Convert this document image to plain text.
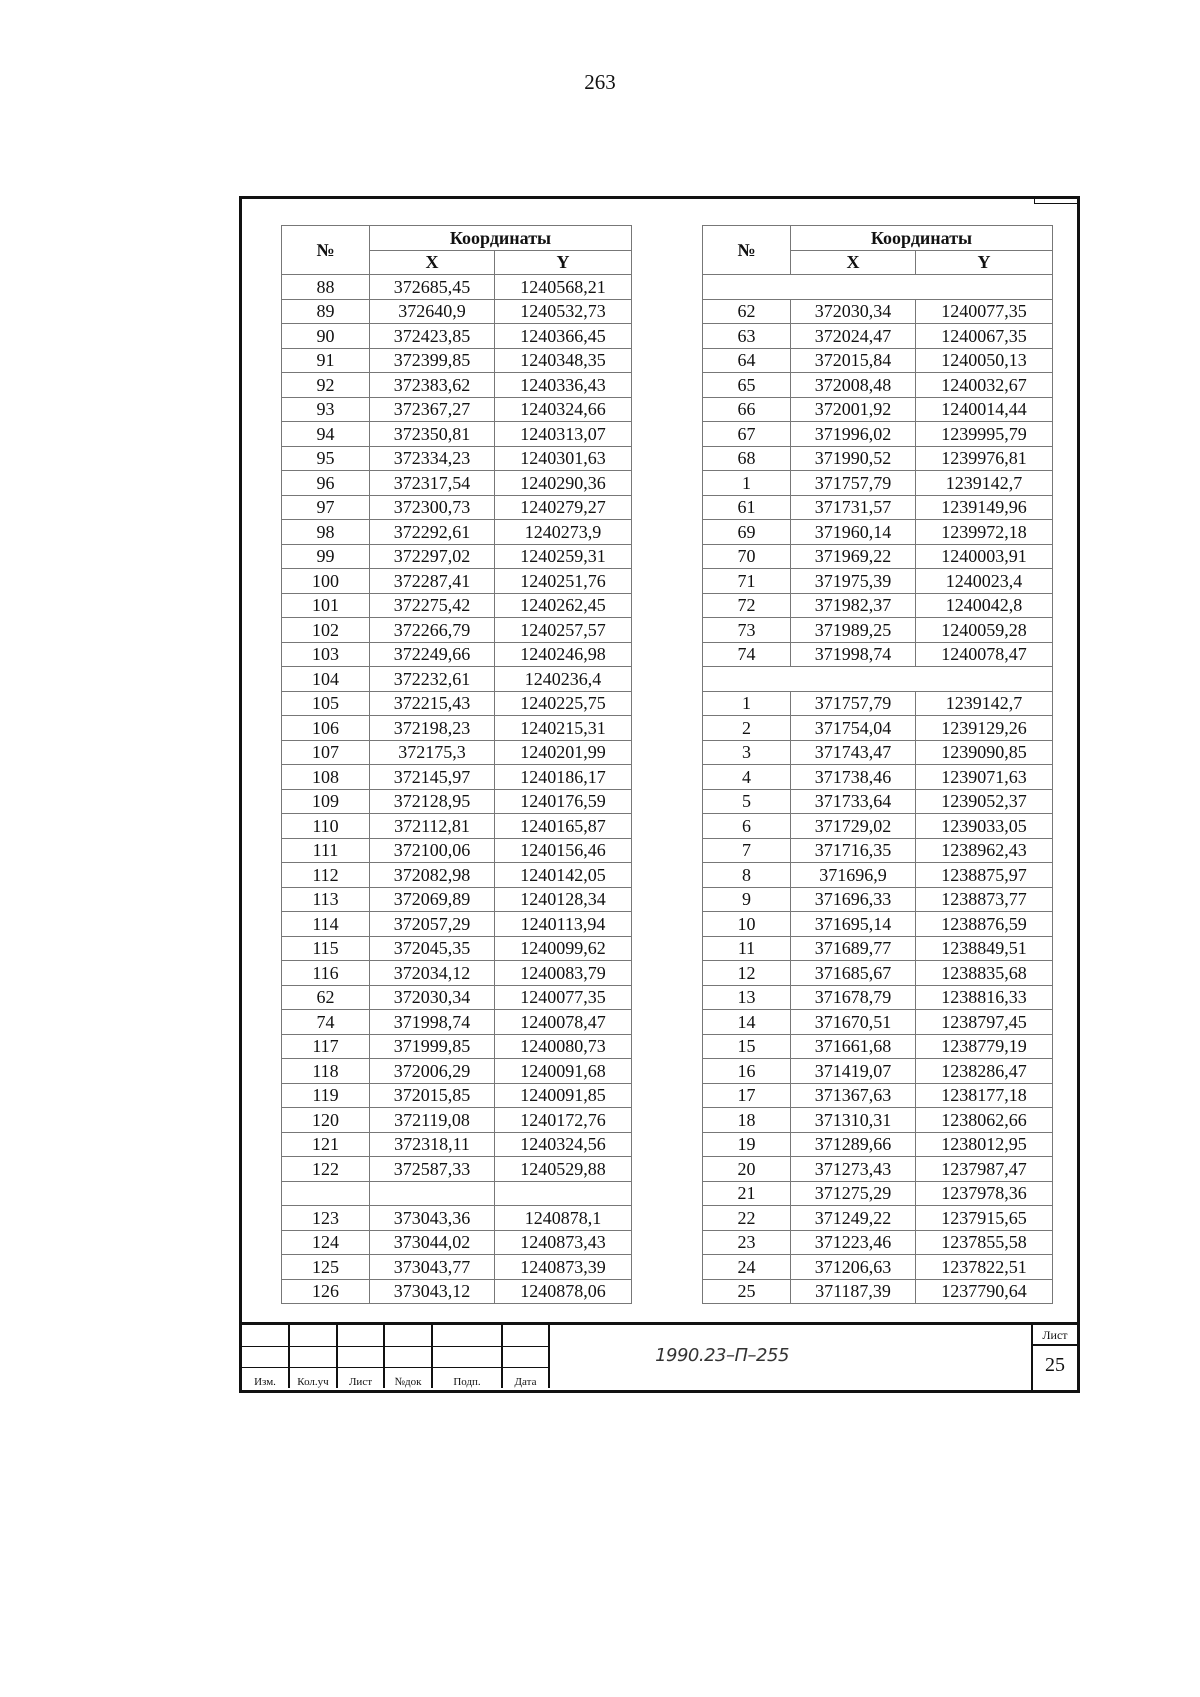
263
№	Координаты	
	X	Y
88	372685,45	1240568,21
89	372640,9	1240532,73
90	372423,85	1240366,45
91	372399,85	1240348,35
92	372383,62	1240336,43
93	372367,27	1240324,66
94	372350,81	1240313,07
95	372334,23	1240301,63
96	372317,54	1240290,36
97	372300,73	1240279,27
98	372292,61	1240273,9
99	372297,02	1240259,31
100	372287,41	1240251,76
101	372275,42	1240262,45
102	372266,79	1240257,57
103	372249,66	1240246,98
104	372232,61	1240236,4
105	372215,43	1240225,75
106	372198,23	1240215,31
107	372175,3	1240201,99
108	372145,97	1240186,17
109	372128,95	1240176,59
110	372112,81	1240165,87
111	372100,06	1240156,46
112	372082,98	1240142,05
113	372069,89	1240128,34
114	372057,29	1240113,94
115	372045,35	1240099,62
116	372034,12	1240083,79
62	372030,34	1240077,35
74	371998,74	1240078,47
117	371999,85	1240080,73
118	372006,29	1240091,68
119	372015,85	1240091,85
120	372119,08	1240172,76
121	372318,11	1240324,56
122	372587,33	1240529,88

123	373043,36	1240878,1
124	373044,02	1240873,43
125	373043,77	1240873,39
126	373043,12	1240878,06
№	Координаты	
	X	Y

62	372030,34	1240077,35
63	372024,47	1240067,35
64	372015,84	1240050,13
65	372008,48	1240032,67
66	372001,92	1240014,44
67	371996,02	1239995,79
68	371990,52	1239976,81
1	371757,79	1239142,7
61	371731,57	1239149,96
69	371960,14	1239972,18
70	371969,22	1240003,91
71	371975,39	1240023,4
72	371982,37	1240042,8
73	371989,25	1240059,28
74	371998,74	1240078,47

1	371757,79	1239142,7
2	371754,04	1239129,26
3	371743,47	1239090,85
4	371738,46	1239071,63
5	371733,64	1239052,37
6	371729,02	1239033,05
7	371716,35	1238962,43
8	371696,9	1238875,97
9	371696,33	1238873,77
10	371695,14	1238876,59
11	371689,77	1238849,51
12	371685,67	1238835,68
13	371678,79	1238816,33
14	371670,51	1238797,45
15	371661,68	1238779,19
16	371419,07	1238286,47
17	371367,63	1238177,18
18	371310,31	1238062,66
19	371289,66	1238012,95
20	371273,43	1237987,47
21	371275,29	1237978,36
22	371249,22	1237915,65
23	371223,46	1237855,58
24	371206,63	1237822,51
25	371187,39	1237790,64

Изм.	Кол.уч	Лист	№док	Подп.	Дата
1990.23–П–255
Лист
25
